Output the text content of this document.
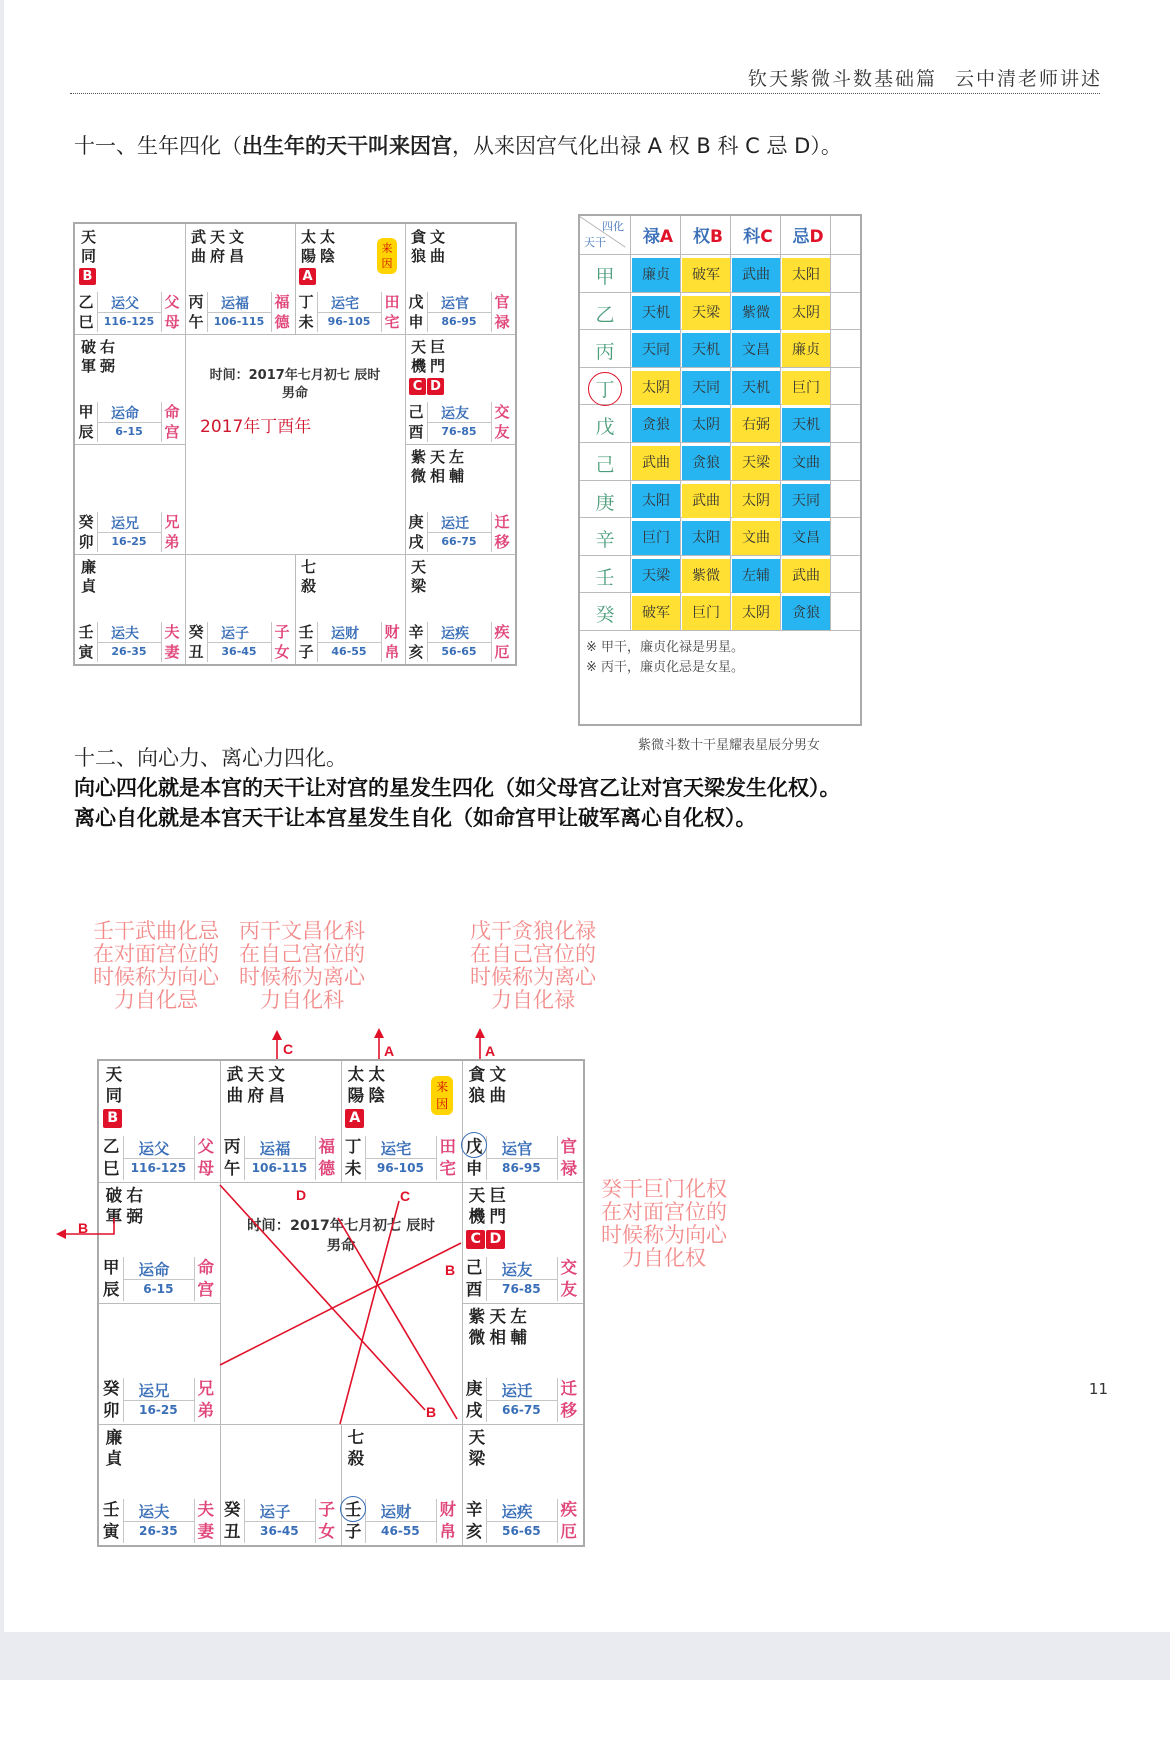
钦天紫微斗数基础篇 云中清老师讲述
十一、生年四化（出生年的天干叫来因宫，从来因宫气化出禄 A 权 B 科 C 忌 D）。
天
同
B
乙
巳
运父
116-125
父
母
武 天 文
曲 府 昌
丙
午
运福
106-115
福
德
太 太
陽 陰
A
丁
未
运宅
96-105
田
宅
貪 文
狼 曲
戊
申
运官
86-95
官
禄
破 右
軍 弼
甲
辰
运命
6-15
命
宫
天 巨
機 門
C D
己
酉
运友
76-85
交
友
癸
卯
运兄
16-25
兄
弟
紫 天 左
微 相 輔
庚
戌
运迁
66-75
迁
移
廉
貞
壬
寅
运夫
26-35
夫
妻
癸
丑
运子
36-45
子
女
七
殺
壬
子
运财
46-55
财
帛
天
梁
辛
亥
运疾
56-65
疾
厄
来
因
时间：2017年七月初七 辰时
男命
2017年丁酉年
四化
天干	禄A	权B	科C	忌D
甲	廉贞	破军	武曲	太阳
乙	天机	天梁	紫微	太阴
丙	天同	天机	文昌	廉贞
丁	太阴	天同	天机	巨门
戊	贪狼	太阴	右弼	天机
己	武曲	贪狼	天梁	文曲
庚	太阳	武曲	太阴	天同
辛	巨门	太阳	文曲	文昌
壬	天梁	紫微	左辅	武曲
癸	破军	巨门	太阴	贪狼
※ 甲干，廉贞化禄是男星。
※ 丙干，廉贞化忌是女星。
紫微斗数十干星耀表星辰分男女
十二、向心力、离心力四化。
向心四化就是本宫的天干让对宫的星发生四化（如父母宫乙让对宫天梁发生化权）。
离心自化就是本宫天干让本宫星发生自化（如命宫甲让破军离心自化权）。
壬干武曲化忌
在对面宫位的
时候称为向心
力自化忌
丙干文昌化科
在自己宫位的
时候称为离心
力自化科
戊干贪狼化禄
在自己宫位的
时候称为离心
力自化禄
癸干巨门化权
在对面宫位的
时候称为向心
力自化权
天
同
B
乙
巳
运父
116-125
父
母
武 天 文
曲 府 昌
丙
午
运福
106-115
福
德
太 太
陽 陰
A
丁
未
运宅
96-105
田
宅
貪 文
狼 曲
戊
申
运官
86-95
官
禄
破 右
軍 弼
甲
辰
运命
6-15
命
宫
天 巨
機 門
C D
己
酉
运友
76-85
交
友
癸
卯
运兄
16-25
兄
弟
紫 天 左
微 相 輔
庚
戌
运迁
66-75
迁
移
廉
貞
壬
寅
运夫
26-35
夫
妻
癸
丑
运子
36-45
子
女
七
殺
壬
子
运财
46-55
财
帛
天
梁
辛
亥
运疾
56-65
疾
厄
来
因
时间：2017年七月初七 辰时
男命
C	A	A
B
D	C
B
B
11
